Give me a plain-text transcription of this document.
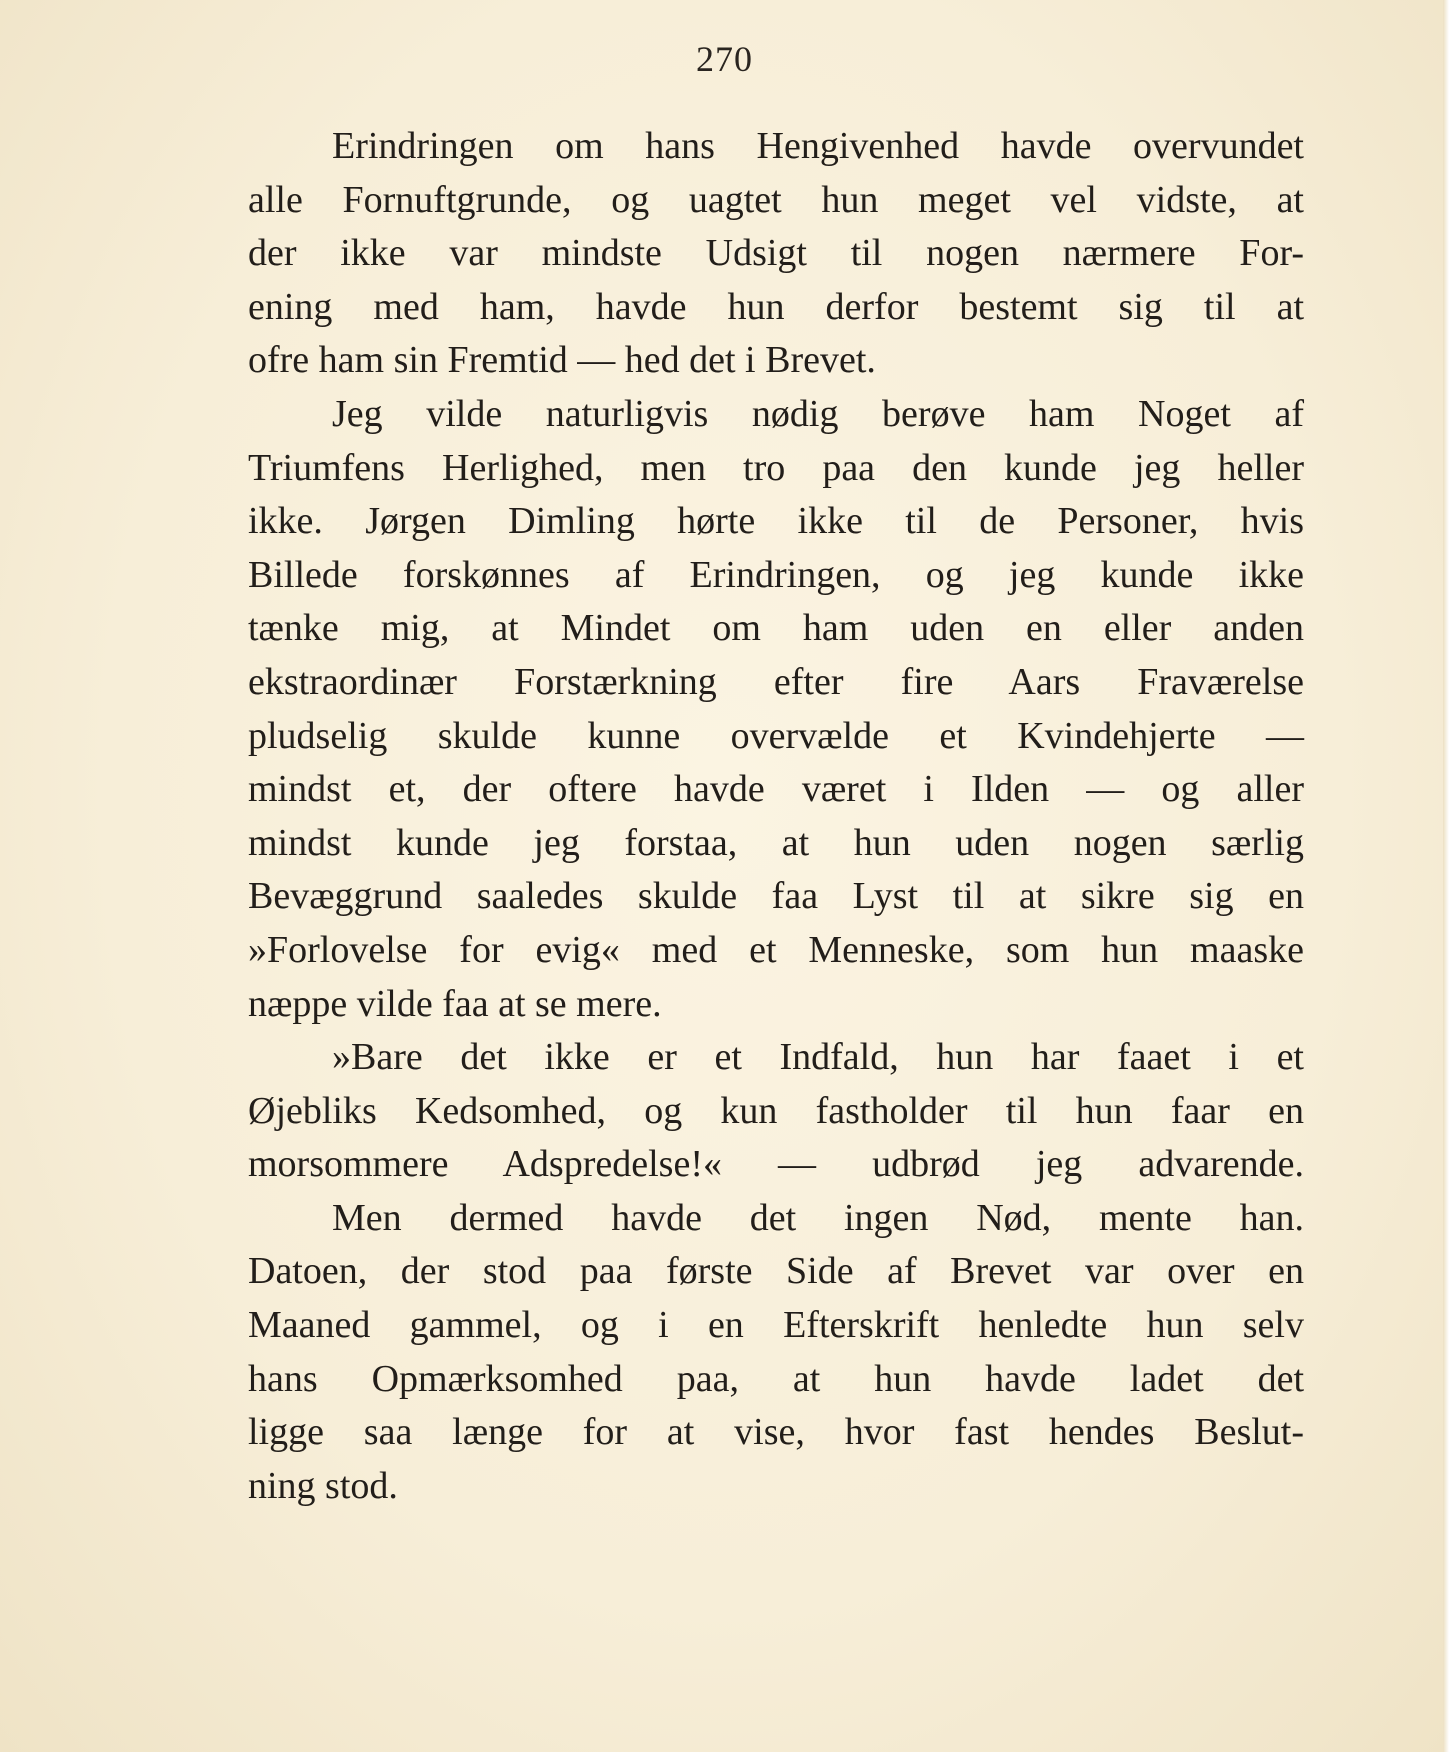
270
Erindringen om hans Hengivenhed havde overvundet
alle Fornuftgrunde, og uagtet hun meget vel vidste, at
der ikke var mindste Udsigt til nogen nærmere For-
ening med ham, havde hun derfor bestemt sig til at
ofre ham sin Fremtid — hed det i Brevet.
Jeg vilde naturligvis nødig berøve ham Noget af
Triumfens Herlighed, men tro paa den kunde jeg heller
ikke. Jørgen Dimling hørte ikke til de Personer, hvis
Billede forskønnes af Erindringen, og jeg kunde ikke
tænke mig, at Mindet om ham uden en eller anden
ekstraordinær Forstærkning efter fire Aars Fraværelse
pludselig skulde kunne overvælde et Kvindehjerte —
mindst et, der oftere havde været i Ilden — og aller
mindst kunde jeg forstaa, at hun uden nogen særlig
Bevæggrund saaledes skulde faa Lyst til at sikre sig en
»Forlovelse for evig« med et Menneske, som hun maaske
næppe vilde faa at se mere.
»Bare det ikke er et Indfald, hun har faaet i et
Øjebliks Kedsomhed, og kun fastholder til hun faar en
morsommere Adspredelse!« — udbrød jeg advarende.
Men dermed havde det ingen Nød, mente han.
Datoen, der stod paa første Side af Brevet var over en
Maaned gammel, og i en Efterskrift henledte hun selv
hans Opmærksomhed paa, at hun havde ladet det
ligge saa længe for at vise, hvor fast hendes Beslut-
ning stod.
